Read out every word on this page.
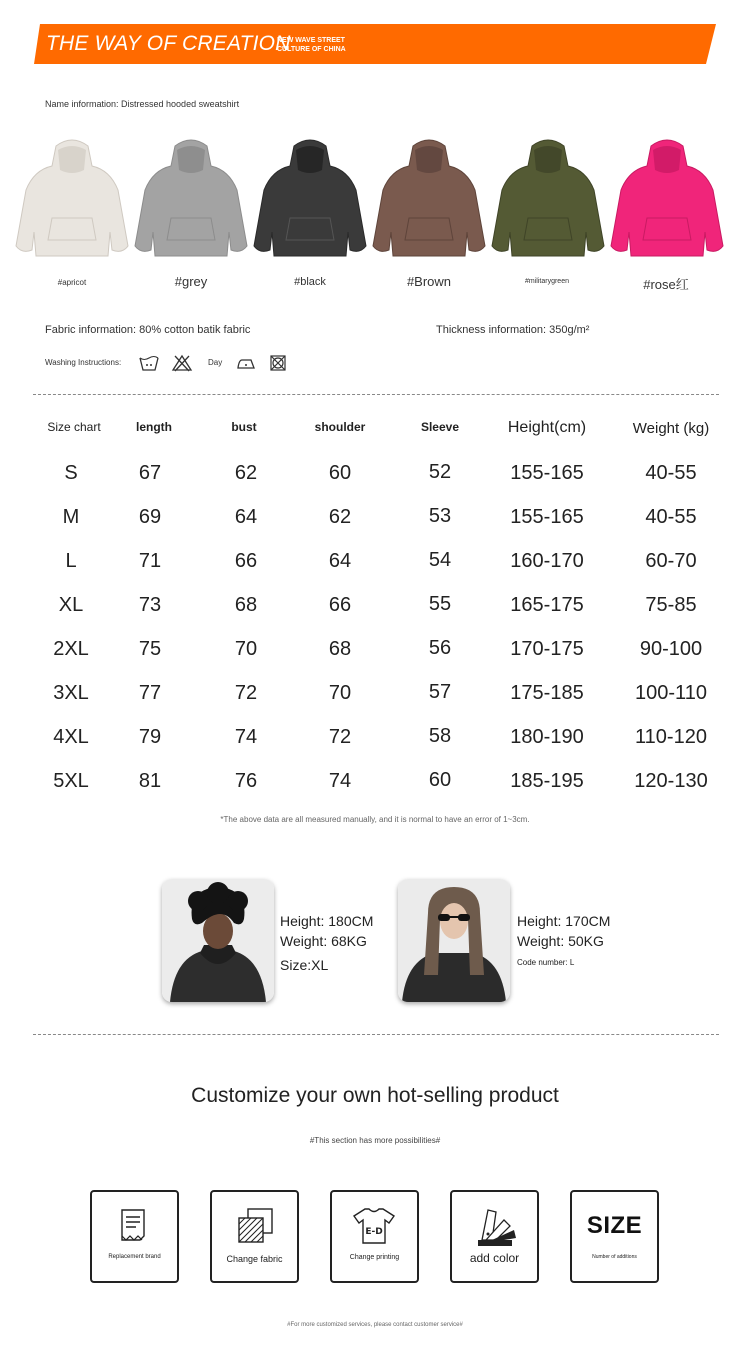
THE WAY OF CREATION
NEW WAVE STREET
CULTURE OF CHINA
Name information: Distressed hooded sweatshirt
#apricot	#grey	#black	#Brown	#militarygreen	#rose红
Fabric information: 80% cotton batik fabric	Thickness information: 350g/m²
Washing Instructions:	Day
Size chart	length	bust	shoulder	Sleeve	Height(cm)	Weight (kg)
S	67	62	60	52	155-165	40-55
M	69	64	62	53	155-165	40-55
L	71	66	64	54	160-170	60-70
XL	73	68	66	55	165-175	75-85
2XL	75	70	68	56	170-175	90-100
3XL	77	72	70	57	175-185	100-110
4XL	79	74	72	58	180-190	110-120
5XL	81	76	74	60	185-195	120-130
*The above data are all measured manually, and it is normal to have an error of 1~3cm.
Height: 180CM
Weight: 68KG
Size:XL
Height: 170CM
Weight: 50KG
Code number: L
Customize your own hot-selling product
#This section has more possibilities#
Replacement brand	Change fabric
E-D
Change printing	add color
SIZE
Number of additions
#For more customized services, please contact customer service#
